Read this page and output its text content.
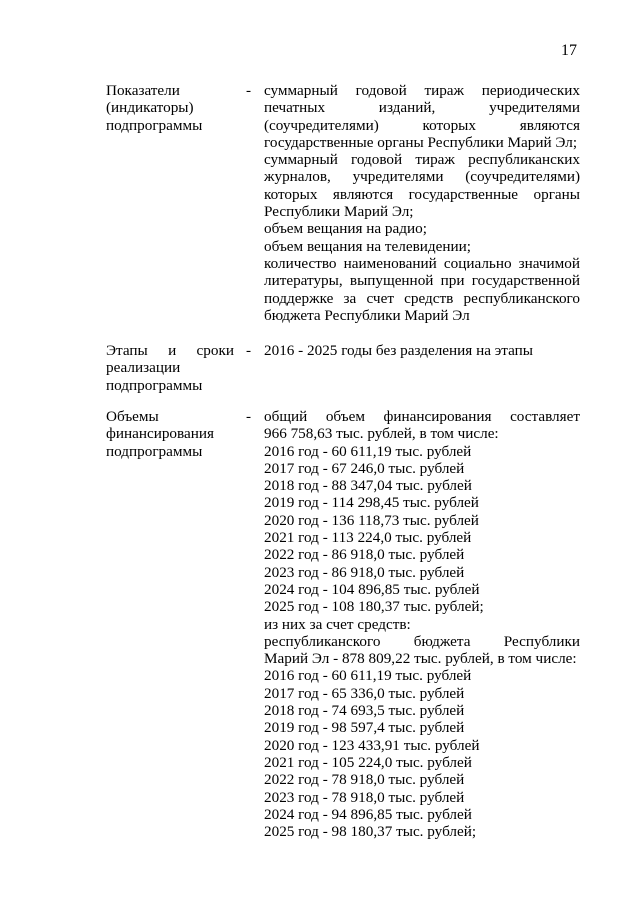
17
Показатели
(индикаторы)
подпрограммы
- суммарный годовой тираж периодических
печатных изданий, учредителями
(соучредителями) которых являются
государственные органы Республики Марий Эл;
суммарный годовой тираж республиканских
журналов, учредителями (соучредителями)
которых являются государственные органы
Республики Марий Эл;
объем вещания на радио;
объем вещания на телевидении;
количество наименований социально значимой
литературы, выпущенной при государственной
поддержке за счет средств республиканского
бюджета Республики Марий Эл
Этапы и сроки
реализации
подпрограммы
- 2016 - 2025 годы без разделения на этапы
Объемы
финансирования
подпрограммы
- общий объем финансирования составляет
966 758,63 тыс. рублей, в том числе:
2016 год - 60 611,19 тыс. рублей
2017 год - 67 246,0 тыс. рублей
2018 год - 88 347,04 тыс. рублей
2019 год - 114 298,45 тыс. рублей
2020 год - 136 118,73 тыс. рублей
2021 год - 113 224,0 тыс. рублей
2022 год - 86 918,0 тыс. рублей
2023 год - 86 918,0 тыс. рублей
2024 год - 104 896,85 тыс. рублей
2025 год - 108 180,37 тыс. рублей;
из них за счет средств:
республиканского бюджета Республики
Марий Эл - 878 809,22 тыс. рублей, в том числе:
2016 год - 60 611,19 тыс. рублей
2017 год - 65 336,0 тыс. рублей
2018 год - 74 693,5 тыс. рублей
2019 год - 98 597,4 тыс. рублей
2020 год - 123 433,91 тыс. рублей
2021 год - 105 224,0 тыс. рублей
2022 год - 78 918,0 тыс. рублей
2023 год - 78 918,0 тыс. рублей
2024 год - 94 896,85 тыс. рублей
2025 год - 98 180,37 тыс. рублей;
